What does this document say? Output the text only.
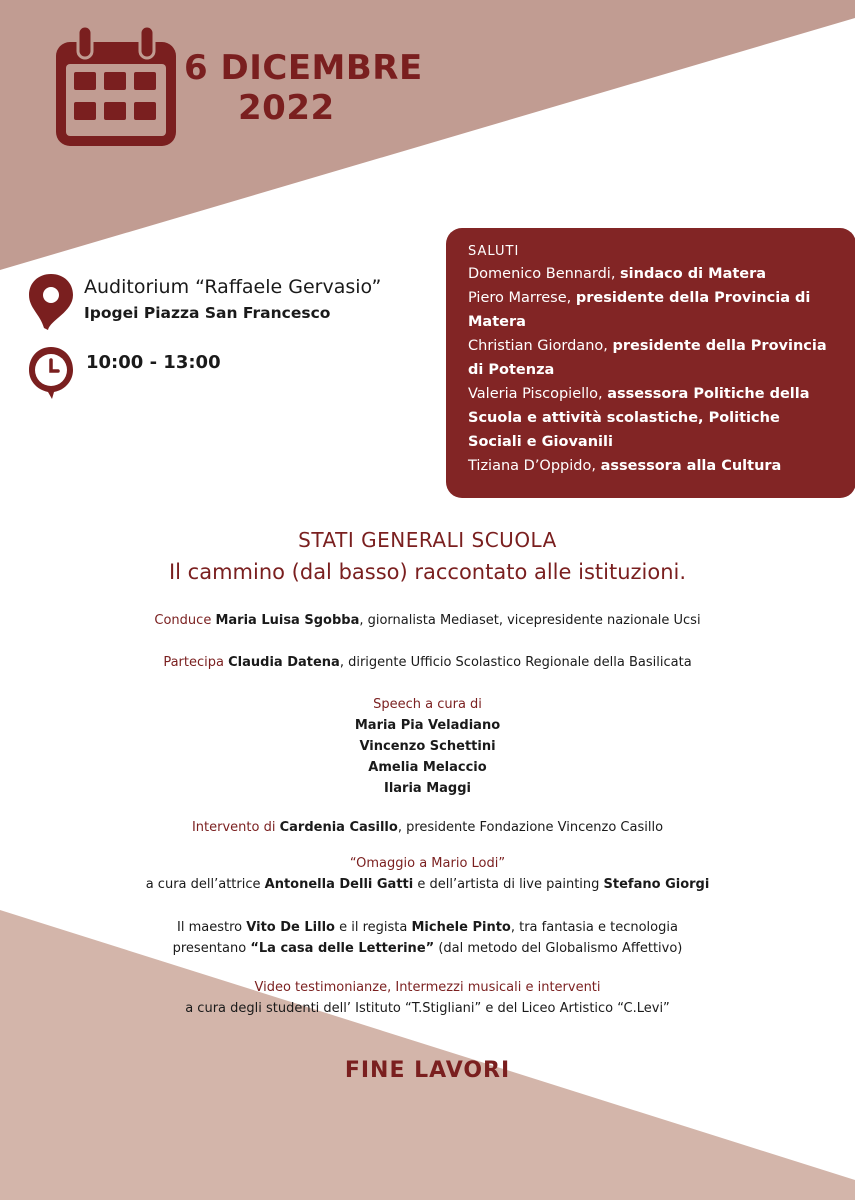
6 DICEMBRE
2022
Auditorium “Raffaele Gervasio”
Ipogei Piazza San Francesco
10:00 - 13:00
SALUTI
Domenico Bennardi, sindaco di Matera
Piero Marrese, presidente della Provincia di Matera
Christian Giordano, presidente della Provincia di Potenza
Valeria Piscopiello, assessora Politiche della Scuola e attività scolastiche, Politiche Sociali e Giovanili
Tiziana D’Oppido, assessora alla Cultura
STATI GENERALI SCUOLA
Il cammino (dal basso) raccontato alle istituzioni.
Conduce Maria Luisa Sgobba, giornalista Mediaset, vicepresidente nazionale Ucsi
Partecipa Claudia Datena, dirigente Ufficio Scolastico Regionale della Basilicata
Speech a cura di
Maria Pia Veladiano
Vincenzo Schettini
Amelia Melaccio
Ilaria Maggi
Intervento di Cardenia Casillo, presidente Fondazione Vincenzo Casillo
“Omaggio a Mario Lodi”
a cura dell’attrice Antonella Delli Gatti e dell’artista di live painting Stefano Giorgi
Il maestro Vito De Lillo e il regista Michele Pinto, tra fantasia e tecnologia
presentano “La casa delle Letterine” (dal metodo del Globalismo Affettivo)
Video testimonianze, Intermezzi musicali e interventi
a cura degli studenti dell’ Istituto “T.Stigliani” e del Liceo Artistico “C.Levi”
FINE LAVORI
